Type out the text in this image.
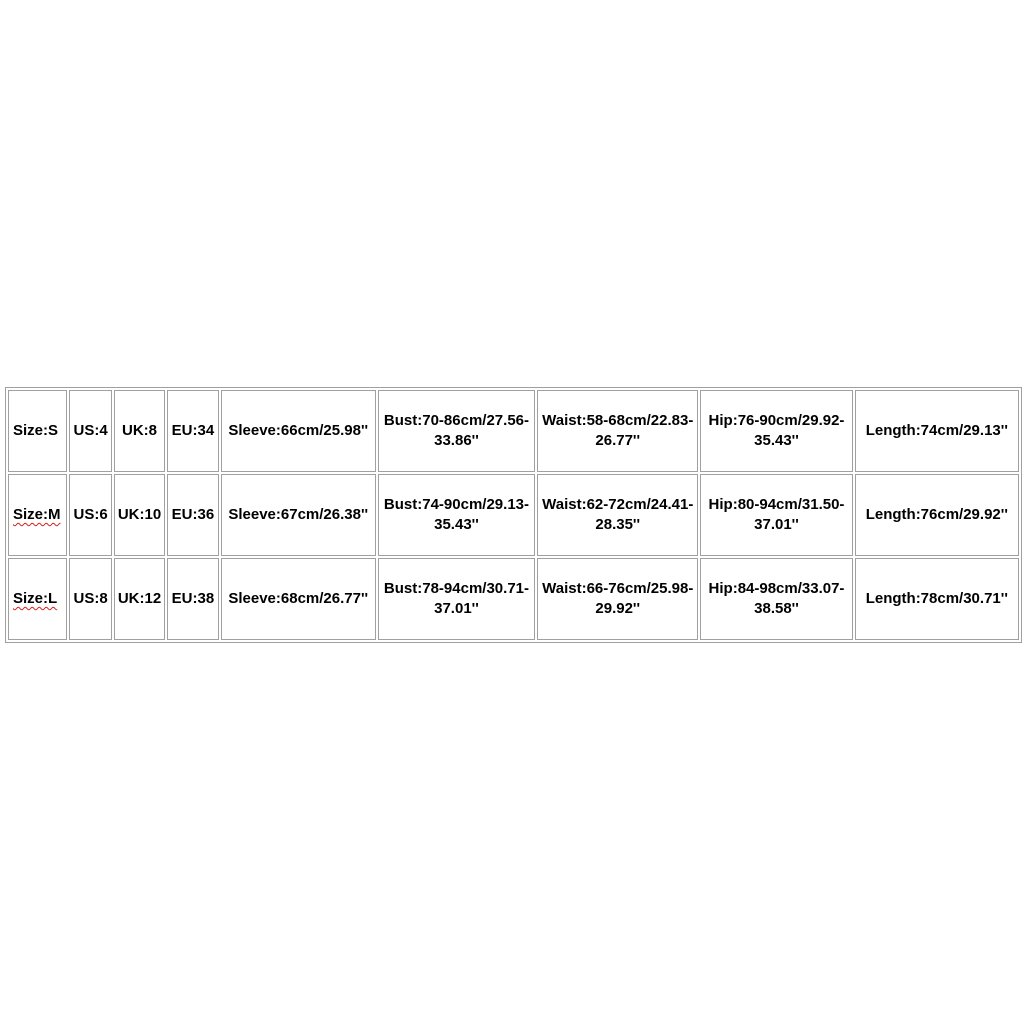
Size:S	US:4	UK:8	EU:34	Sleeve:66cm/25.98''	Bust:70-86cm/27.56-33.86''	Waist:58-68cm/22.83-26.77''	Hip:76-90cm/29.92-35.43''	Length:74cm/29.13''
Size:M	US:6	UK:10	EU:36	Sleeve:67cm/26.38''	Bust:74-90cm/29.13-35.43''	Waist:62-72cm/24.41-28.35''	Hip:80-94cm/31.50-37.01''	Length:76cm/29.92''
Size:L	US:8	UK:12	EU:38	Sleeve:68cm/26.77''	Bust:78-94cm/30.71-37.01''	Waist:66-76cm/25.98-29.92''	Hip:84-98cm/33.07-38.58''	Length:78cm/30.71''
